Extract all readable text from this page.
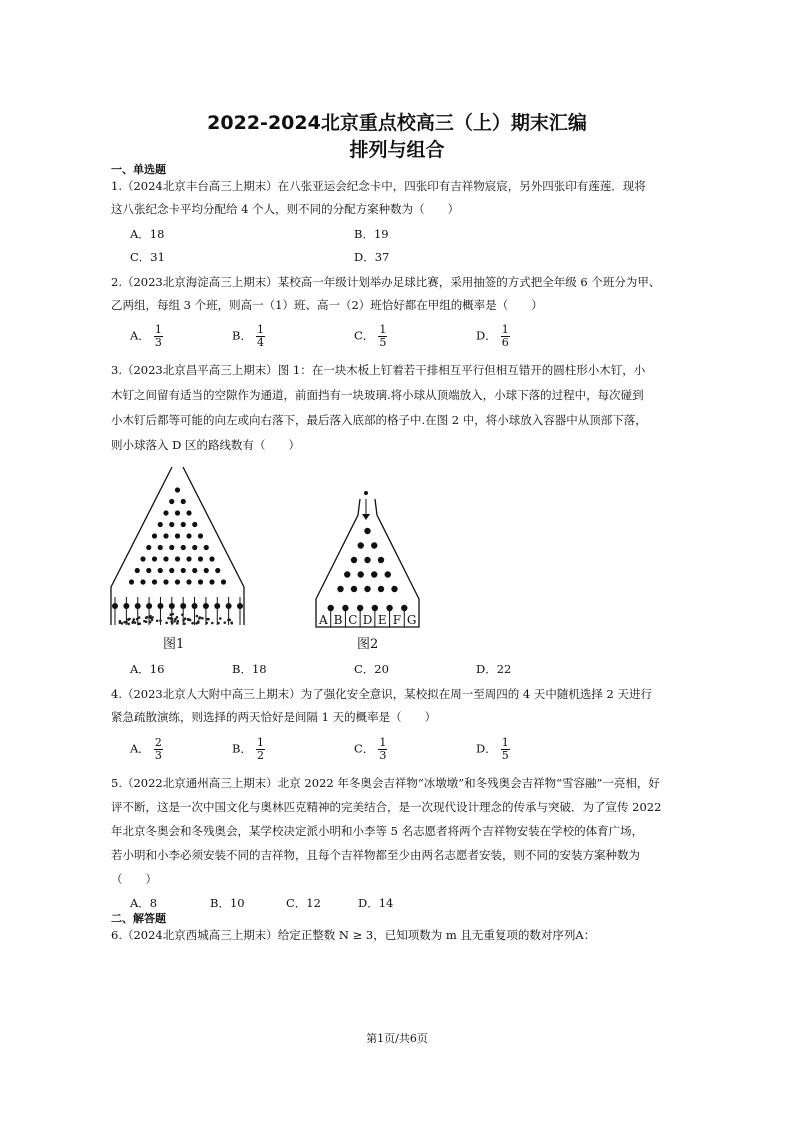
2022-2024北京重点校高三（上）期末汇编
排列与组合
一、单选题
1.（2024北京丰台高三上期末）在八张亚运会纪念卡中，四张印有吉祥物宸宸，另外四张印有莲莲．现将
这八张纪念卡平均分配给 4 个人，则不同的分配方案种数为（　　）
A．18	B．19
C．31	D．37
2.（2023北京海淀高三上期末）某校高一年级计划举办足球比赛，采用抽签的方式把全年级 6 个班分为甲、
乙两组，每组 3 个班，则高一（1）班、高一（2）班恰好都在甲组的概率是（　　）
A． $\frac{1}{3}$	B． $\frac{1}{4}$	C． $\frac{1}{5}$	D． $\frac{1}{6}$
3.（2023北京昌平高三上期末）图 1：在一块木板上钉着若干排相互平行但相互错开的圆柱形小木钉，小
木钉之间留有适当的空隙作为通道，前面挡有一块玻璃.将小球从顶端放入，小球下落的过程中，每次碰到
小木钉后都等可能的向左或向右落下，最后落入底部的格子中.在图 2 中，将小球放入容器中从顶部下落，
则小球落入 D 区的路线数有（　　）
图1
A B C D E F G
图2
A．16	B．18	C．20	D．22
4.（2023北京人大附中高三上期末）为了强化安全意识，某校拟在周一至周四的 4 天中随机选择 2 天进行
紧急疏散演练，则选择的两天恰好是间隔 1 天的概率是（　　）
A． $\frac{2}{3}$	B． $\frac{1}{2}$	C． $\frac{1}{3}$	D． $\frac{1}{5}$
5.（2022北京通州高三上期末）北京 2022 年冬奥会吉祥物“冰墩墩”和冬残奥会吉祥物“雪容融”一亮相，好
评不断，这是一次中国文化与奥林匹克精神的完美结合，是一次现代设计理念的传承与突破．为了宣传 2022
年北京冬奥会和冬残奥会，某学校决定派小明和小李等 5 名志愿者将两个吉祥物安装在学校的体育广场，
若小明和小李必须安装不同的吉祥物，且每个吉祥物都至少由两名志愿者安装，则不同的安装方案种数为
（　　）
A．8	B．10	C．12	D．14
二、解答题
6.（2024北京西城高三上期末）给定正整数 N ≥ 3，已知项数为 m 且无重复项的数对序列A：
第1页/共6页
